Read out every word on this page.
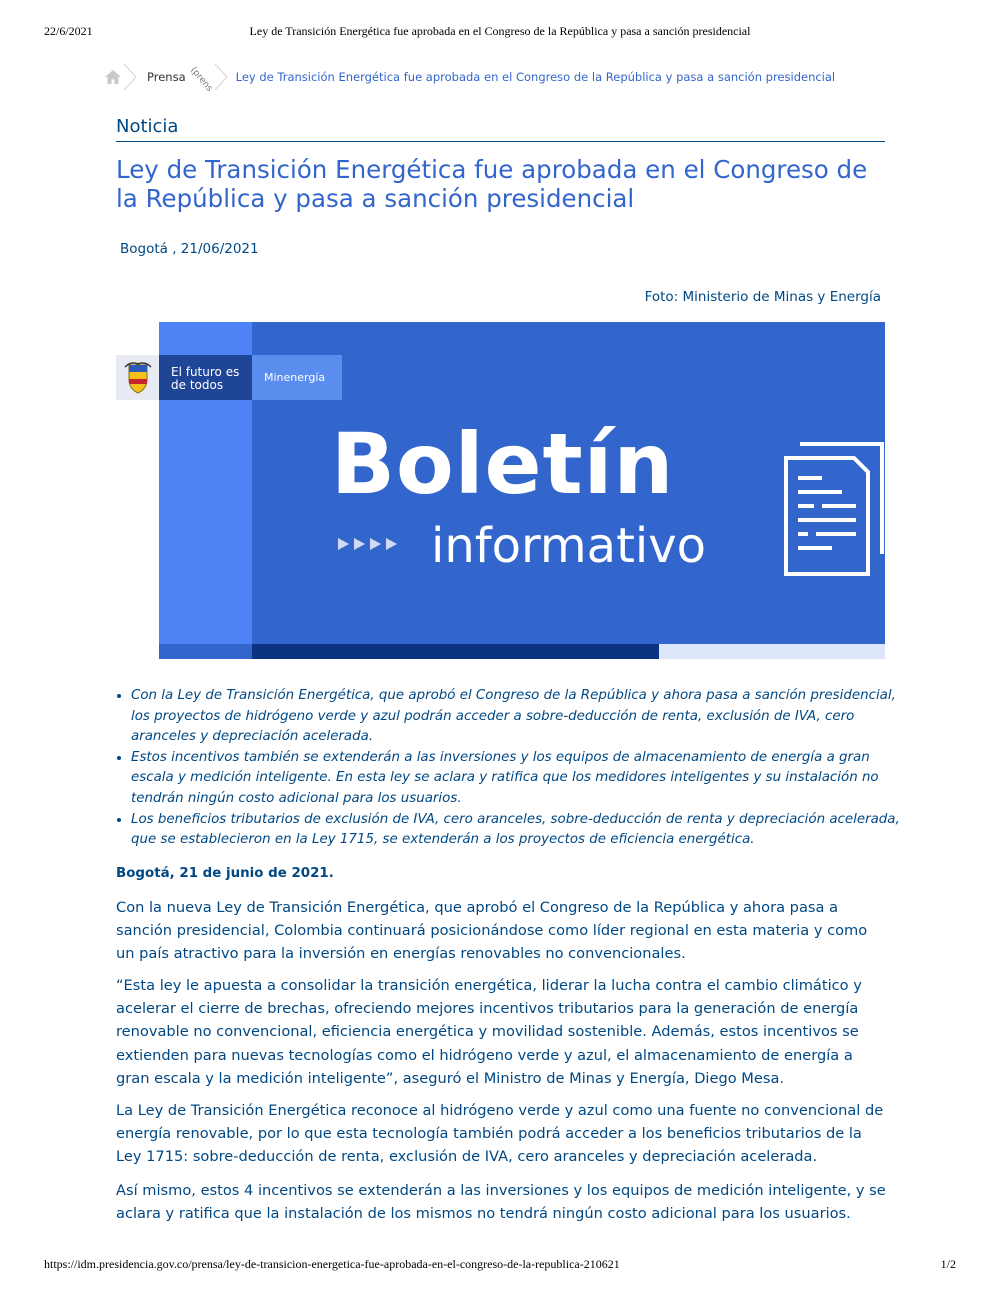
22/6/2021	Ley de Transición Energética fue aprobada en el Congreso de la República y pasa a sanción presidencial
Prensa (prens Ley de Transición Energética fue aprobada en el Congreso de la República y pasa a sanción presidencial
Noticia
Ley de Transición Energética fue aprobada en el Congreso de la República y pasa a sanción presidencial
Bogotá , 21/06/2021
Foto: Ministerio de Minas y Energía
El futuro es de todos
Minenergía
Boletín
informativo
• Con la Ley de Transición Energética, que aprobó el Congreso de la República y ahora pasa a sanción presidencial, los proyectos de hidrógeno verde y azul podrán acceder a sobre-deducción de renta, exclusión de IVA, cero aranceles y depreciación acelerada.
• Estos incentivos también se extenderán a las inversiones y los equipos de almacenamiento de energía a gran escala y medición inteligente. En esta ley se aclara y ratifica que los medidores inteligentes y su instalación no tendrán ningún costo adicional para los usuarios.
• Los beneficios tributarios de exclusión de IVA, cero aranceles, sobre-deducción de renta y depreciación acelerada, que se establecieron en la Ley 1715, se extenderán a los proyectos de eficiencia energética.
Bogotá, 21 de junio de 2021.

Con la nueva Ley de Transición Energética, que aprobó el Congreso de la República y ahora pasa a sanción presidencial, Colombia continuará posicionándose como líder regional en esta materia y como un país atractivo para la inversión en energías renovables no convencionales.

“Esta ley le apuesta a consolidar la transición energética, liderar la lucha contra el cambio climático y acelerar el cierre de brechas, ofreciendo mejores incentivos tributarios para la generación de energía renovable no convencional, eficiencia energética y movilidad sostenible. Además, estos incentivos se extienden para nuevas tecnologías como el hidrógeno verde y azul, el almacenamiento de energía a gran escala y la medición inteligente”, aseguró el Ministro de Minas y Energía, Diego Mesa.

La Ley de Transición Energética reconoce al hidrógeno verde y azul como una fuente no convencional de energía renovable, por lo que esta tecnología también podrá acceder a los beneficios tributarios de la Ley 1715: sobre-deducción de renta, exclusión de IVA, cero aranceles y depreciación acelerada.

Así mismo, estos 4 incentivos se extenderán a las inversiones y los equipos de medición inteligente, y se aclara y ratifica que la instalación de los mismos no tendrá ningún costo adicional para los usuarios.

https://idm.presidencia.gov.co/prensa/ley-de-transicion-energetica-fue-aprobada-en-el-congreso-de-la-republica-210621	1/2
